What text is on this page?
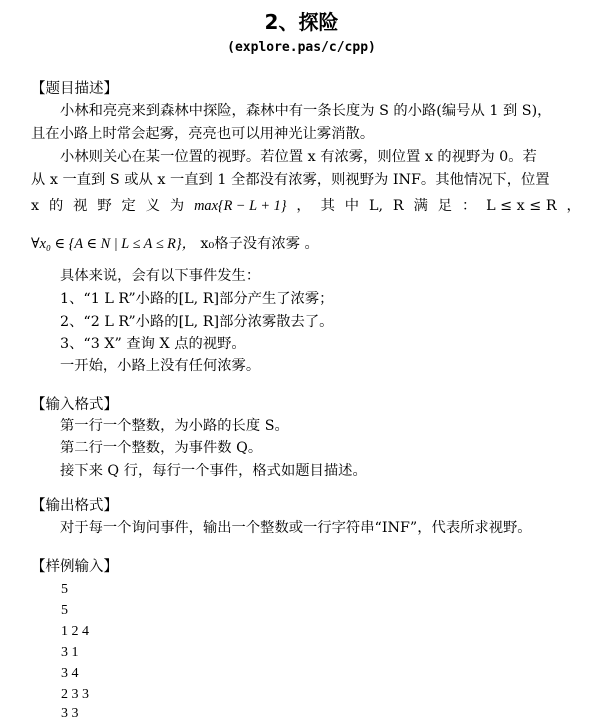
2、探险
(explore.pas/c/cpp)
【题目描述】
小林和亮亮来到森林中探险，森林中有一条长度为 S 的小路(编号从 1 到 S)，
且在小路上时常会起雾，亮亮也可以用神光让雾消散。
小林则关心在某一位置的视野。若位置 x 有浓雾，则位置 x 的视野为 0。若
从 x 一直到 S 或从 x 一直到 1 全都没有浓雾，则视野为 INF。其他情况下，位置
x 的 视 野 定 义 为 max{R − L + 1} ， 其 中 L, R 满 足 ： L ≤ x ≤ R ，
∀x₀ ∈ {A ∈ N | L ≤ A ≤ R}， x₀格子没有浓雾 。
具体来说，会有以下事件发生：
1、“1 L R”小路的[L, R]部分产生了浓雾；
2、“2 L R”小路的[L, R]部分浓雾散去了。
3、“3 X” 查询 X 点的视野。
一开始，小路上没有任何浓雾。
【输入格式】
第一行一个整数，为小路的长度 S。
第二行一个整数，为事件数 Q。
接下来 Q 行，每行一个事件，格式如题目描述。
【输出格式】
对于每一个询问事件，输出一个整数或一行字符串“INF”，代表所求视野。
【样例输入】
5
5
1 2 4
3 1
3 4
2 3 3
3 3
